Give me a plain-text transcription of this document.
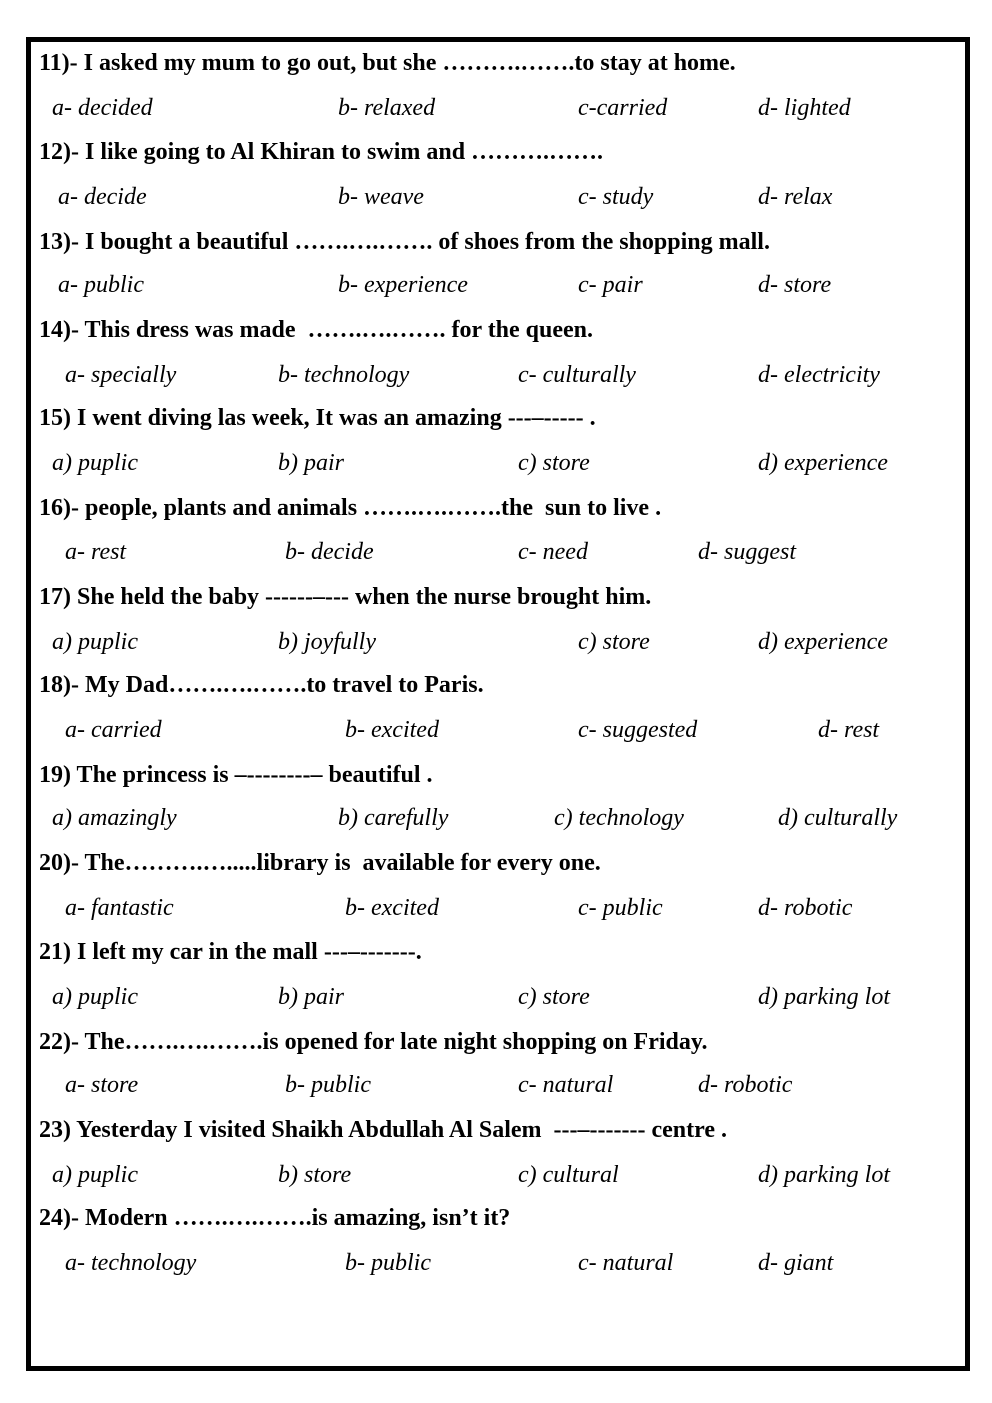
11)- I asked my mum to go out, but she ……….…….to stay at home.
a- decided	b- relaxed	c-carried	d- lighted
12)- I like going to Al Khiran to swim and ……….…….
a- decide	b- weave	c- study	d- relax
13)- I bought a beautiful …….….……. of shoes from the shopping mall.
a- public	b- experience	c- pair	d- store
14)- This dress was made  …….….……. for the queen.
a- specially	b- technology	c- culturally	d- electricity
15) I went diving las week, It was an amazing ---–----- .
a) puplic	b) pair	c) store	d) experience
16)- people, plants and animals …….….…….the  sun to live .
a- rest	b- decide	c- need	d- suggest
17) She held the baby ------–--- when the nurse brought him.
a) puplic	b) joyfully	c) store	d) experience
18)- My Dad…….….…….to travel to Paris.
a- carried	b- excited	c- suggested	d- rest
19) The princess is –--------– beautiful .
a) amazingly	b) carefully	c) technology	d) culturally
20)- The……….….....library is  available for every one.
a- fantastic	b- excited	c- public	d- robotic
21) I left my car in the mall ---–-------.
a) puplic	b) pair	c) store	d) parking lot
22)- The…….….…….is opened for late night shopping on Friday.
a- store	b- public	c- natural	d- robotic
23) Yesterday I visited Shaikh Abdullah Al Salem  ---–------- centre .
a) puplic	b) store	c) cultural	d) parking lot
24)- Modern …….….…….is amazing, isn’t it?
a- technology	b- public	c- natural	d- giant
